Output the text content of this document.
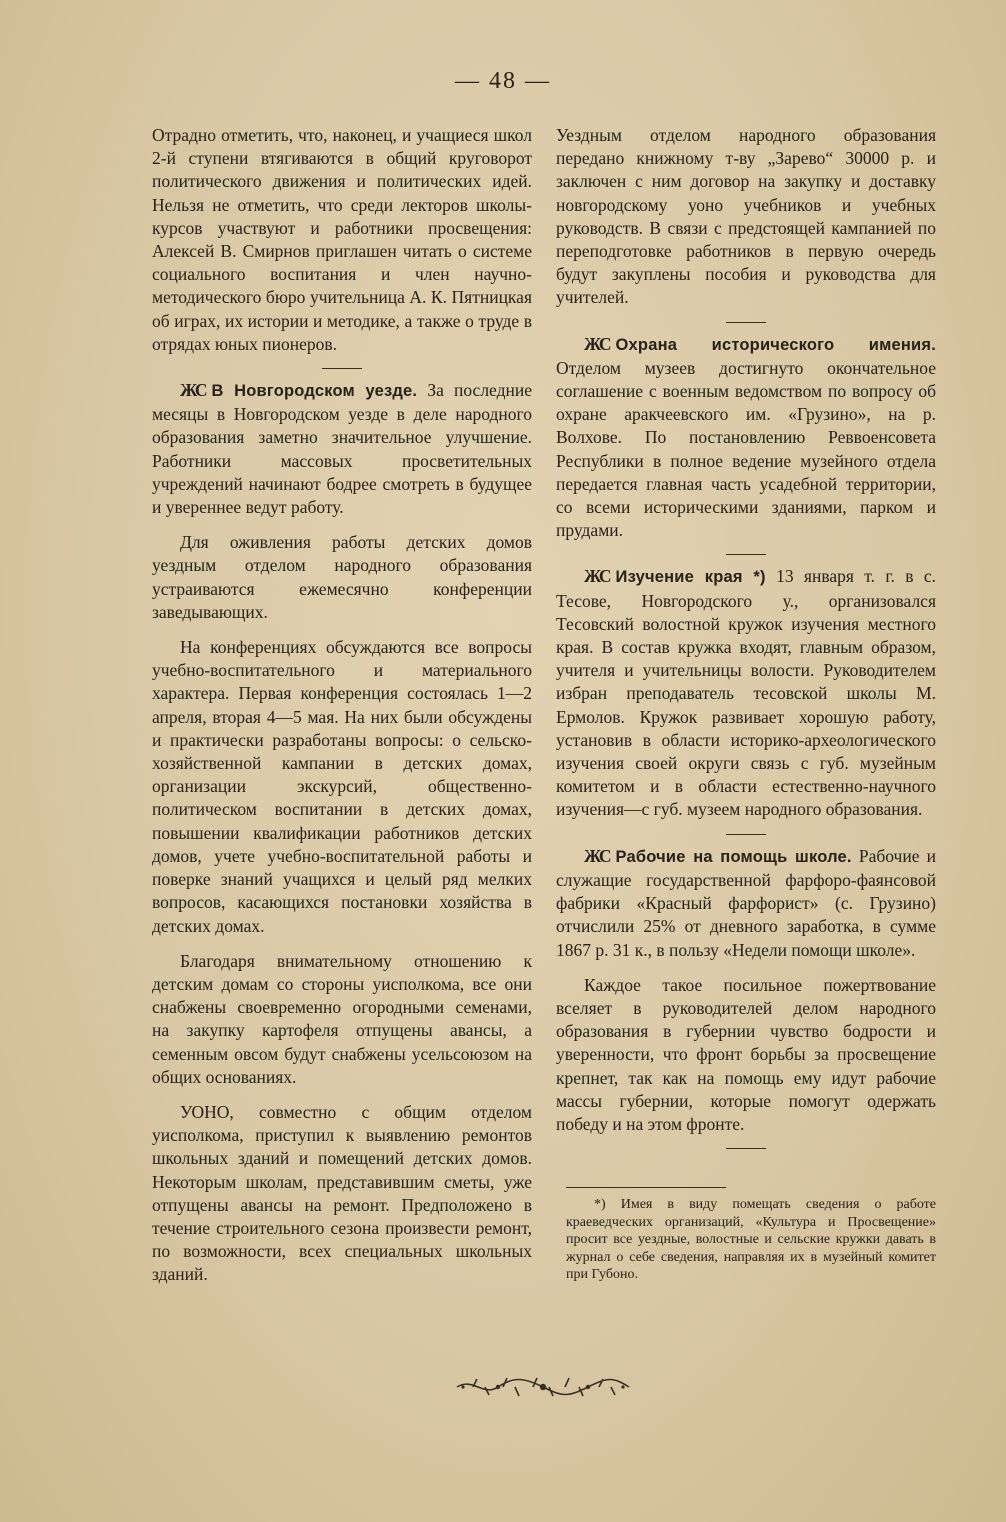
— 48 —

Отрадно отметить, что, наконец, и учащиеся школ 2-й ступени втягиваются в общий круговорот политического движения и политических идей. Нельзя не отметить, что среди лекторов школы-курсов участвуют и работники просвещения: Алексей В. Смирнов приглашен читать о системе социального воспитания и член научно-методического бюро учительница А. К. Пятницкая об играх, их истории и методике, а также о труде в отрядах юных пионеров.

ЖС В Новгородском уезде. За последние месяцы в Новгородском уезде в деле народного образования заметно значительное улучшение. Работники массовых просветительных учреждений начинают бодрее смотреть в будущее и увереннее ведут работу.

Для оживления работы детских домов уездным отделом народного образования устраиваются ежемесячно конференции заведывающих.

На конференциях обсуждаются все вопросы учебно-воспитательного и материального характера. Первая конференция состоялась 1—2 апреля, вторая 4—5 мая. На них были обсуждены и практически разработаны вопросы: о сельско-хозяйственной кампании в детских домах, организации экскурсий, общественно-политическом воспитании в детских домах, повышении квалификации работников детских домов, учете учебно-воспитательной работы и поверке знаний учащихся и целый ряд мелких вопросов, касающихся постановки хозяйства в детских домах.

Благодаря внимательному отношению к детским домам со стороны уисполкома, все они снабжены своевременно огородными семенами, на закупку картофеля отпущены авансы, а семенным овсом будут снабжены усельсоюзом на общих основаниях.

УОНО, совместно с общим отделом уисполкома, приступил к выявлению ремонтов школьных зданий и помещений детских домов. Некоторым школам, представившим сметы, уже отпущены авансы на ремонт. Предположено в течение строительного сезона произвести ремонт, по возможности, всех специальных школьных зданий.

Уездным отделом народного образования передано книжному т-ву „Зарево“ 30000 р. и заключен с ним договор на закупку и доставку новгородскому уоно учебников и учебных руководств. В связи с предстоящей кампанией по переподготовке работников в первую очередь будут закуплены пособия и руководства для учителей.

ЖС Охрана исторического имения. Отделом музеев достигнуто окончательное соглашение с военным ведомством по вопросу об охране аракчеевского им. «Грузино», на р. Волхове. По постановлению Реввоенсовета Республики в полное ведение музейного отдела передается главная часть усадебной территории, со всеми историческими зданиями, парком и прудами.

ЖС Изучение края *) 13 января т. г. в с. Тесове, Новгородского у., организовался Тесовский волостной кружок изучения местного края. В состав кружка входят, главным образом, учителя и учительницы волости. Руководителем избран преподаватель тесовской школы М. Ермолов. Кружок развивает хорошую работу, установив в области историко-археологического изучения своей округи связь с губ. музейным комитетом и в области естественно-научного изучения—с губ. музеем народного образования.

ЖС Рабочие на помощь школе. Рабочие и служащие государственной фарфоро-фаянсовой фабрики «Красный фарфорист» (с. Грузино) отчислили 25% от дневного заработка, в сумме 1867 р. 31 к., в пользу «Недели помощи школе».

Каждое такое посильное пожертвование вселяет в руководителей делом народного образования в губернии чувство бодрости и уверенности, что фронт борьбы за просвещение крепнет, так как на помощь ему идут рабочие массы губернии, которые помогут одержать победу и на этом фронте.

*) Имея в виду помещать сведения о работе краеведческих организаций, «Культура и Просвещение» просит все уездные, волостные и сельские кружки давать в журнал о себе сведения, направляя их в музейный комитет при Губоно.
